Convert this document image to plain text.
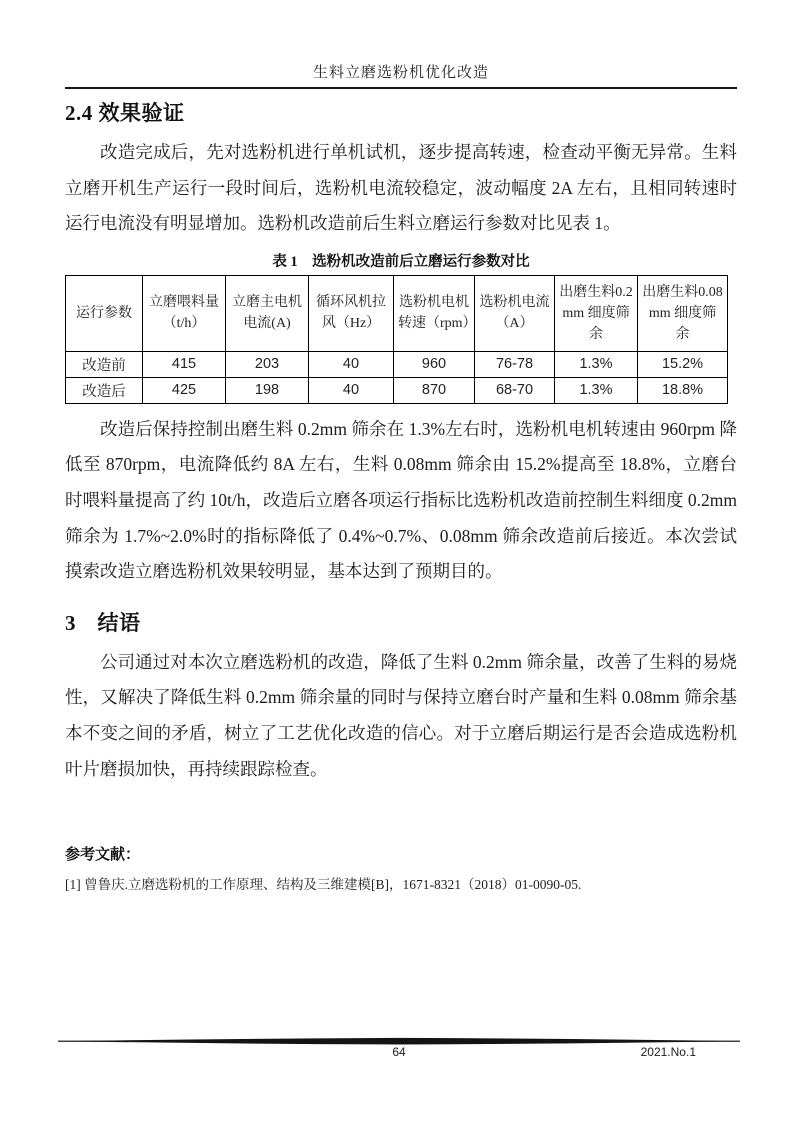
生料立磨选粉机优化改造
2.4 效果验证

改造完成后，先对选粉机进行单机试机，逐步提高转速，检查动平衡无异常。生料立磨开机生产运行一段时间后，选粉机电流较稳定，波动幅度 2A 左右，且相同转速时运行电流没有明显增加。选粉机改造前后生料立磨运行参数对比见表 1。

表 1　选粉机改造前后立磨运行参数对比
运行参数	立磨喂料量（t/h）	立磨主电机电流(A)	循环风机拉风（Hz）	选粉机电机转速（rpm）	选粉机电流（A）	出磨生料0.2mm 细度筛余	出磨生料0.08mm 细度筛余
改造前	415	203	40	960	76-78	1.3%	15.2%
改造后	425	198	40	870	68-70	1.3%	18.8%

改造后保持控制出磨生料 0.2mm 筛余在 1.3%左右时，选粉机电机转速由 960rpm 降低至 870rpm，电流降低约 8A 左右，生料 0.08mm 筛余由 15.2%提高至 18.8%，立磨台时喂料量提高了约 10t/h，改造后立磨各项运行指标比选粉机改造前控制生料细度 0.2mm 筛余为 1.7%~2.0%时的指标降低了 0.4%~0.7%、0.08mm 筛余改造前后接近。本次尝试摸索改造立磨选粉机效果较明显，基本达到了预期目的。

3　结语

公司通过对本次立磨选粉机的改造，降低了生料 0.2mm 筛余量，改善了生料的易烧性，又解决了降低生料 0.2mm 筛余量的同时与保持立磨台时产量和生料 0.08mm 筛余基本不变之间的矛盾，树立了工艺优化改造的信心。对于立磨后期运行是否会造成选粉机叶片磨损加快，再持续跟踪检查。

参考文献：
[1] 曾鲁庆.立磨选粉机的工作原理、结构及三维建模[B]，1671-8321（2018）01-0090-05.
64	2021.No.1
